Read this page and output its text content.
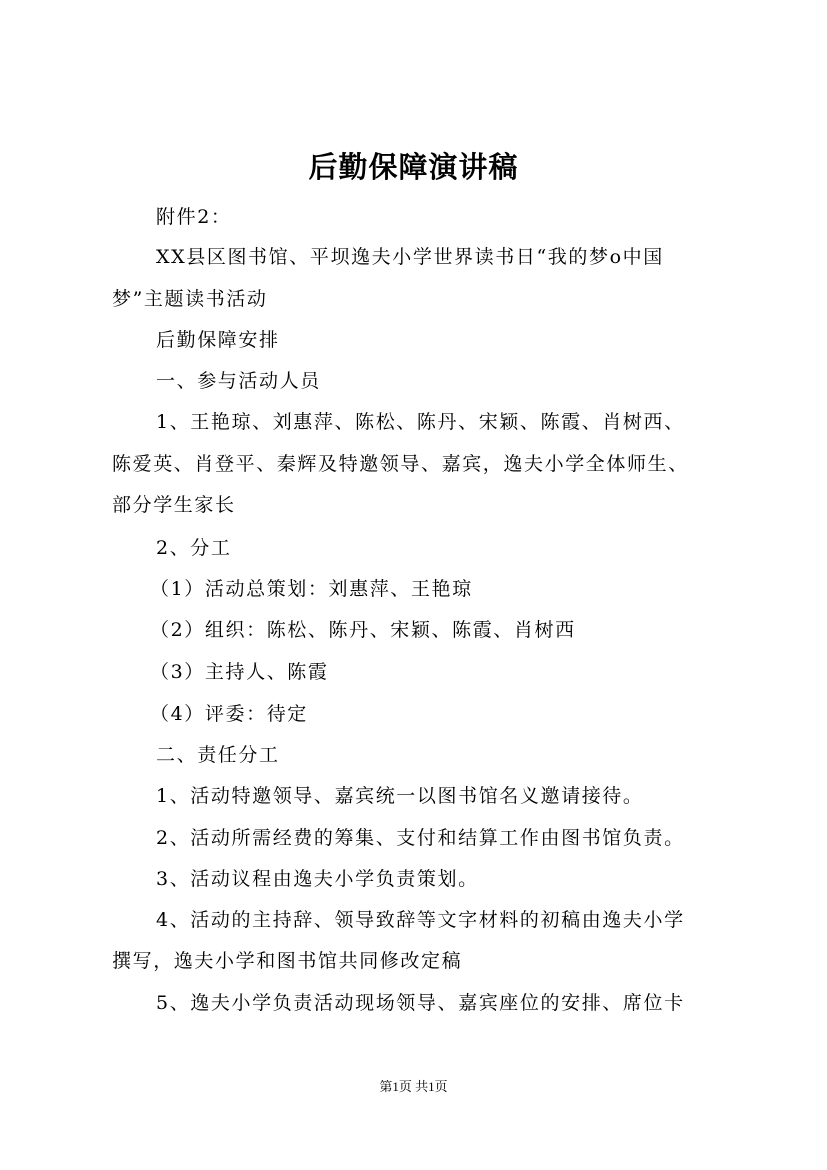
后勤保障演讲稿
附件2：
XX县区图书馆、平坝逸夫小学世界读书日“我的梦o中国
梦”主题读书活动
后勤保障安排
一、参与活动人员
1、王艳琼、刘惠萍、陈松、陈丹、宋颖、陈霞、肖树西、
陈爱英、肖登平、秦辉及特邀领导、嘉宾，逸夫小学全体师生、
部分学生家长
2、分工
（1）活动总策划：刘惠萍、王艳琼
（2）组织：陈松、陈丹、宋颖、陈霞、肖树西
（3）主持人、陈霞
（4）评委：待定
二、责任分工
1、活动特邀领导、嘉宾统一以图书馆名义邀请接待。
2、活动所需经费的筹集、支付和结算工作由图书馆负责。
3、活动议程由逸夫小学负责策划。
4、活动的主持辞、领导致辞等文字材料的初稿由逸夫小学
撰写，逸夫小学和图书馆共同修改定稿
5、逸夫小学负责活动现场领导、嘉宾座位的安排、席位卡
第1页 共1页
